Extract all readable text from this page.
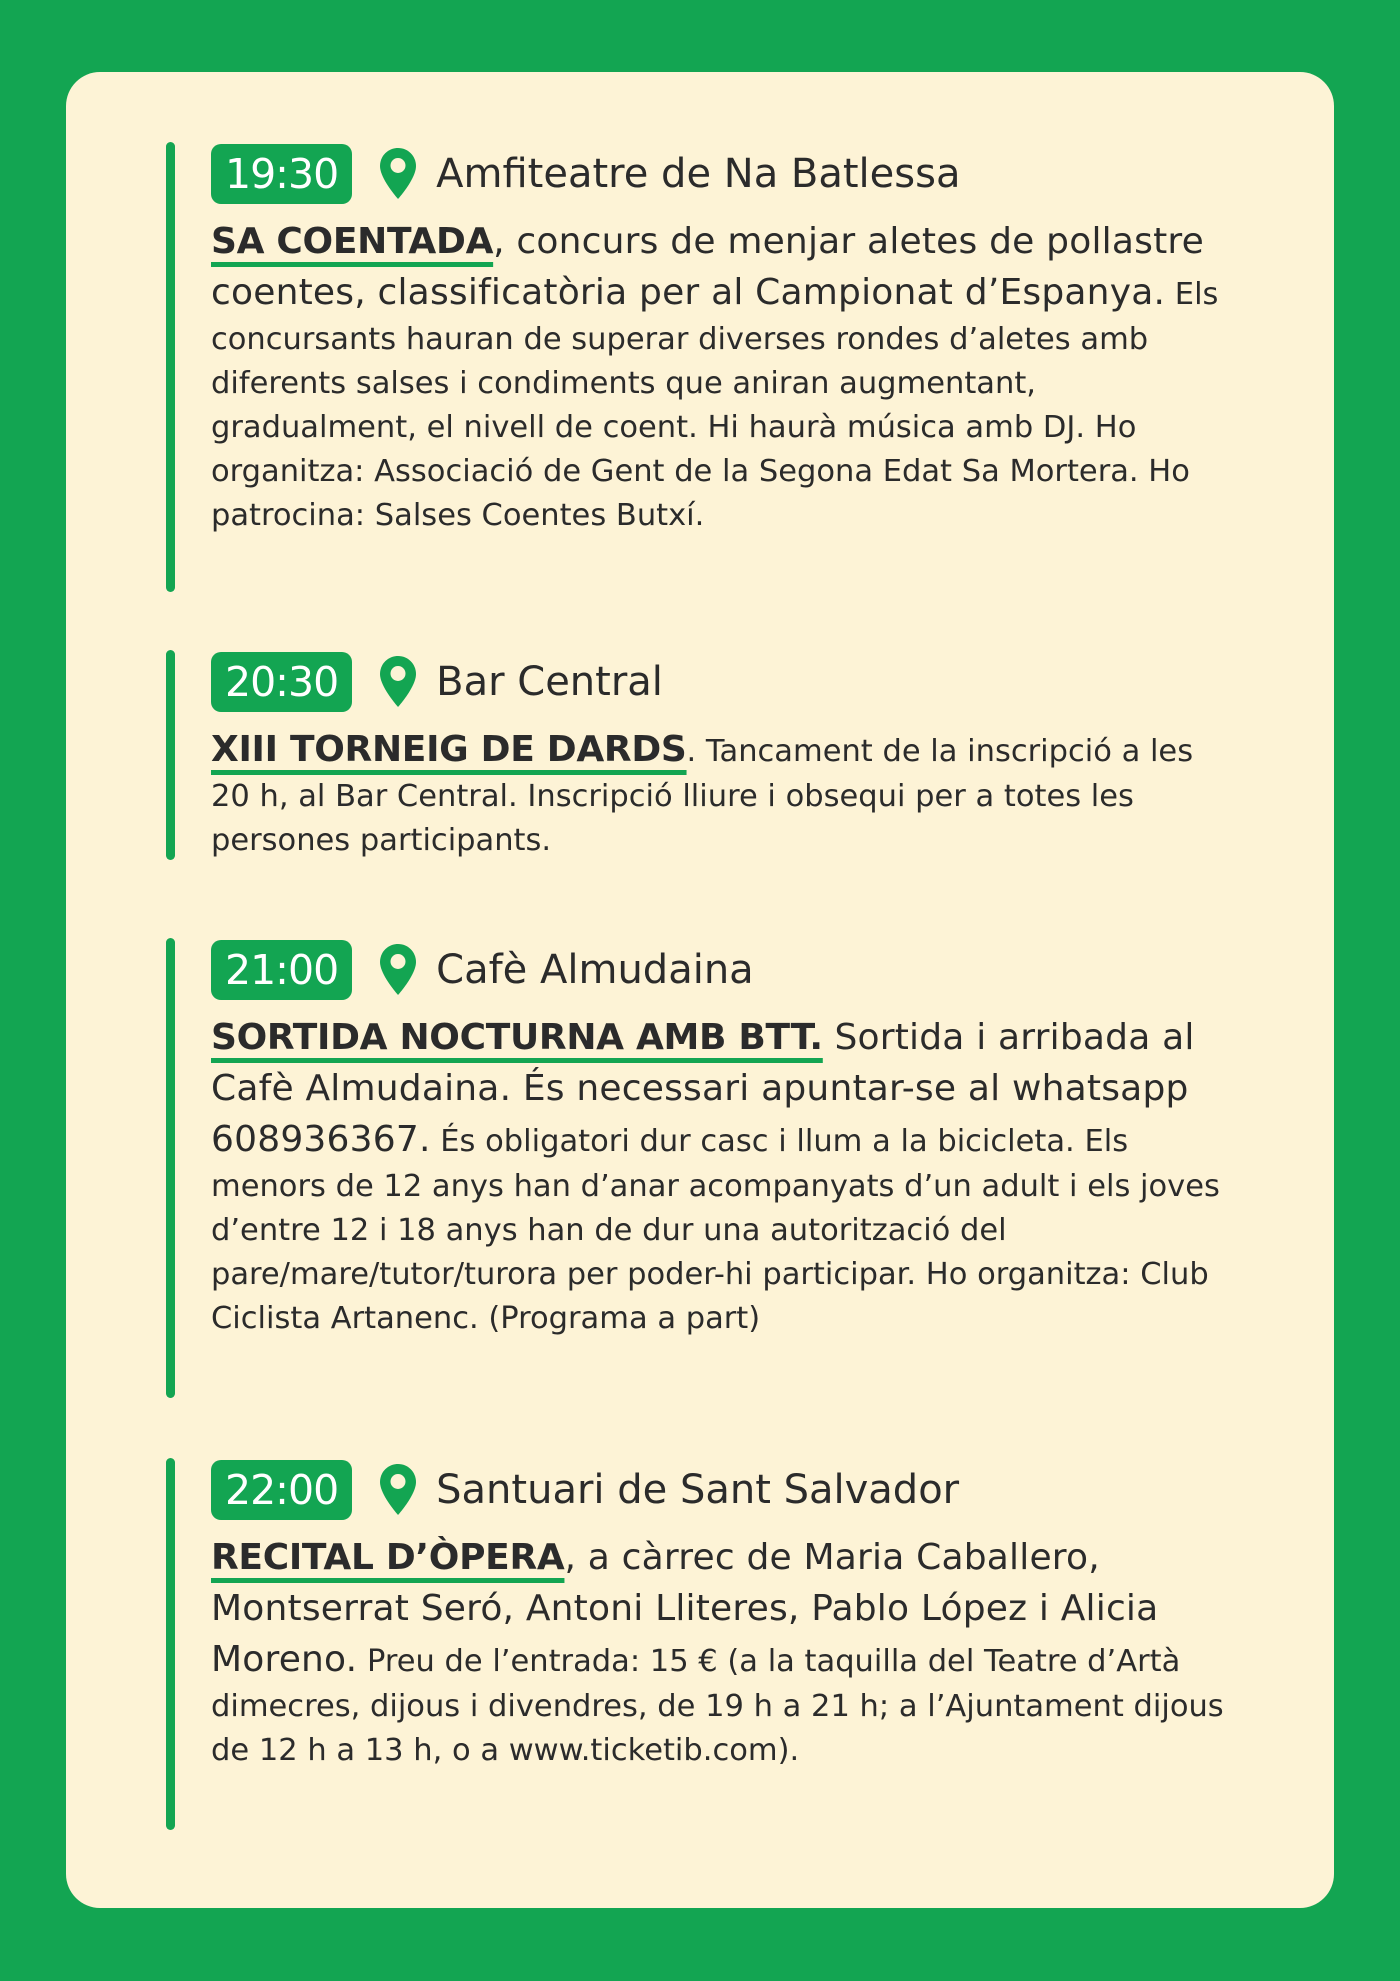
19:30	Amfiteatre de Na Batlessa
SA COENTADA, concurs de menjar aletes de pollastre coentes, classificatòria per al Campionat d’Espanya. Els concursants hauran de superar diverses rondes d’aletes amb diferents salses i condiments que aniran augmentant, gradualment, el nivell de coent. Hi haurà música amb DJ. Ho organitza: Associació de Gent de la Segona Edat Sa Mortera. Ho patrocina: Salses Coentes Butxí.
20:30	Bar Central
XIII TORNEIG DE DARDS. Tancament de la inscripció a les 20 h, al Bar Central. Inscripció lliure i obsequi per a totes les persones participants.
21:00	Cafè Almudaina
SORTIDA NOCTURNA AMB BTT. Sortida i arribada al Cafè Almudaina. És necessari apuntar-se al whatsapp 608936367. És obligatori dur casc i llum a la bicicleta. Els menors de 12 anys han d’anar acompanyats d’un adult i els joves d’entre 12 i 18 anys han de dur una autorització del pare/mare/tutor/turora per poder-hi participar. Ho organitza: Club Ciclista Artanenc. (Programa a part)
22:00	Santuari de Sant Salvador
RECITAL D’ÒPERA, a càrrec de Maria Caballero, Montserrat Seró, Antoni Lliteres, Pablo López i Alicia Moreno. Preu de l’entrada: 15 € (a la taquilla del Teatre d’Artà dimecres, dijous i divendres, de 19 h a 21 h; a l’Ajuntament dijous de 12 h a 13 h, o a www.ticketib.com).
